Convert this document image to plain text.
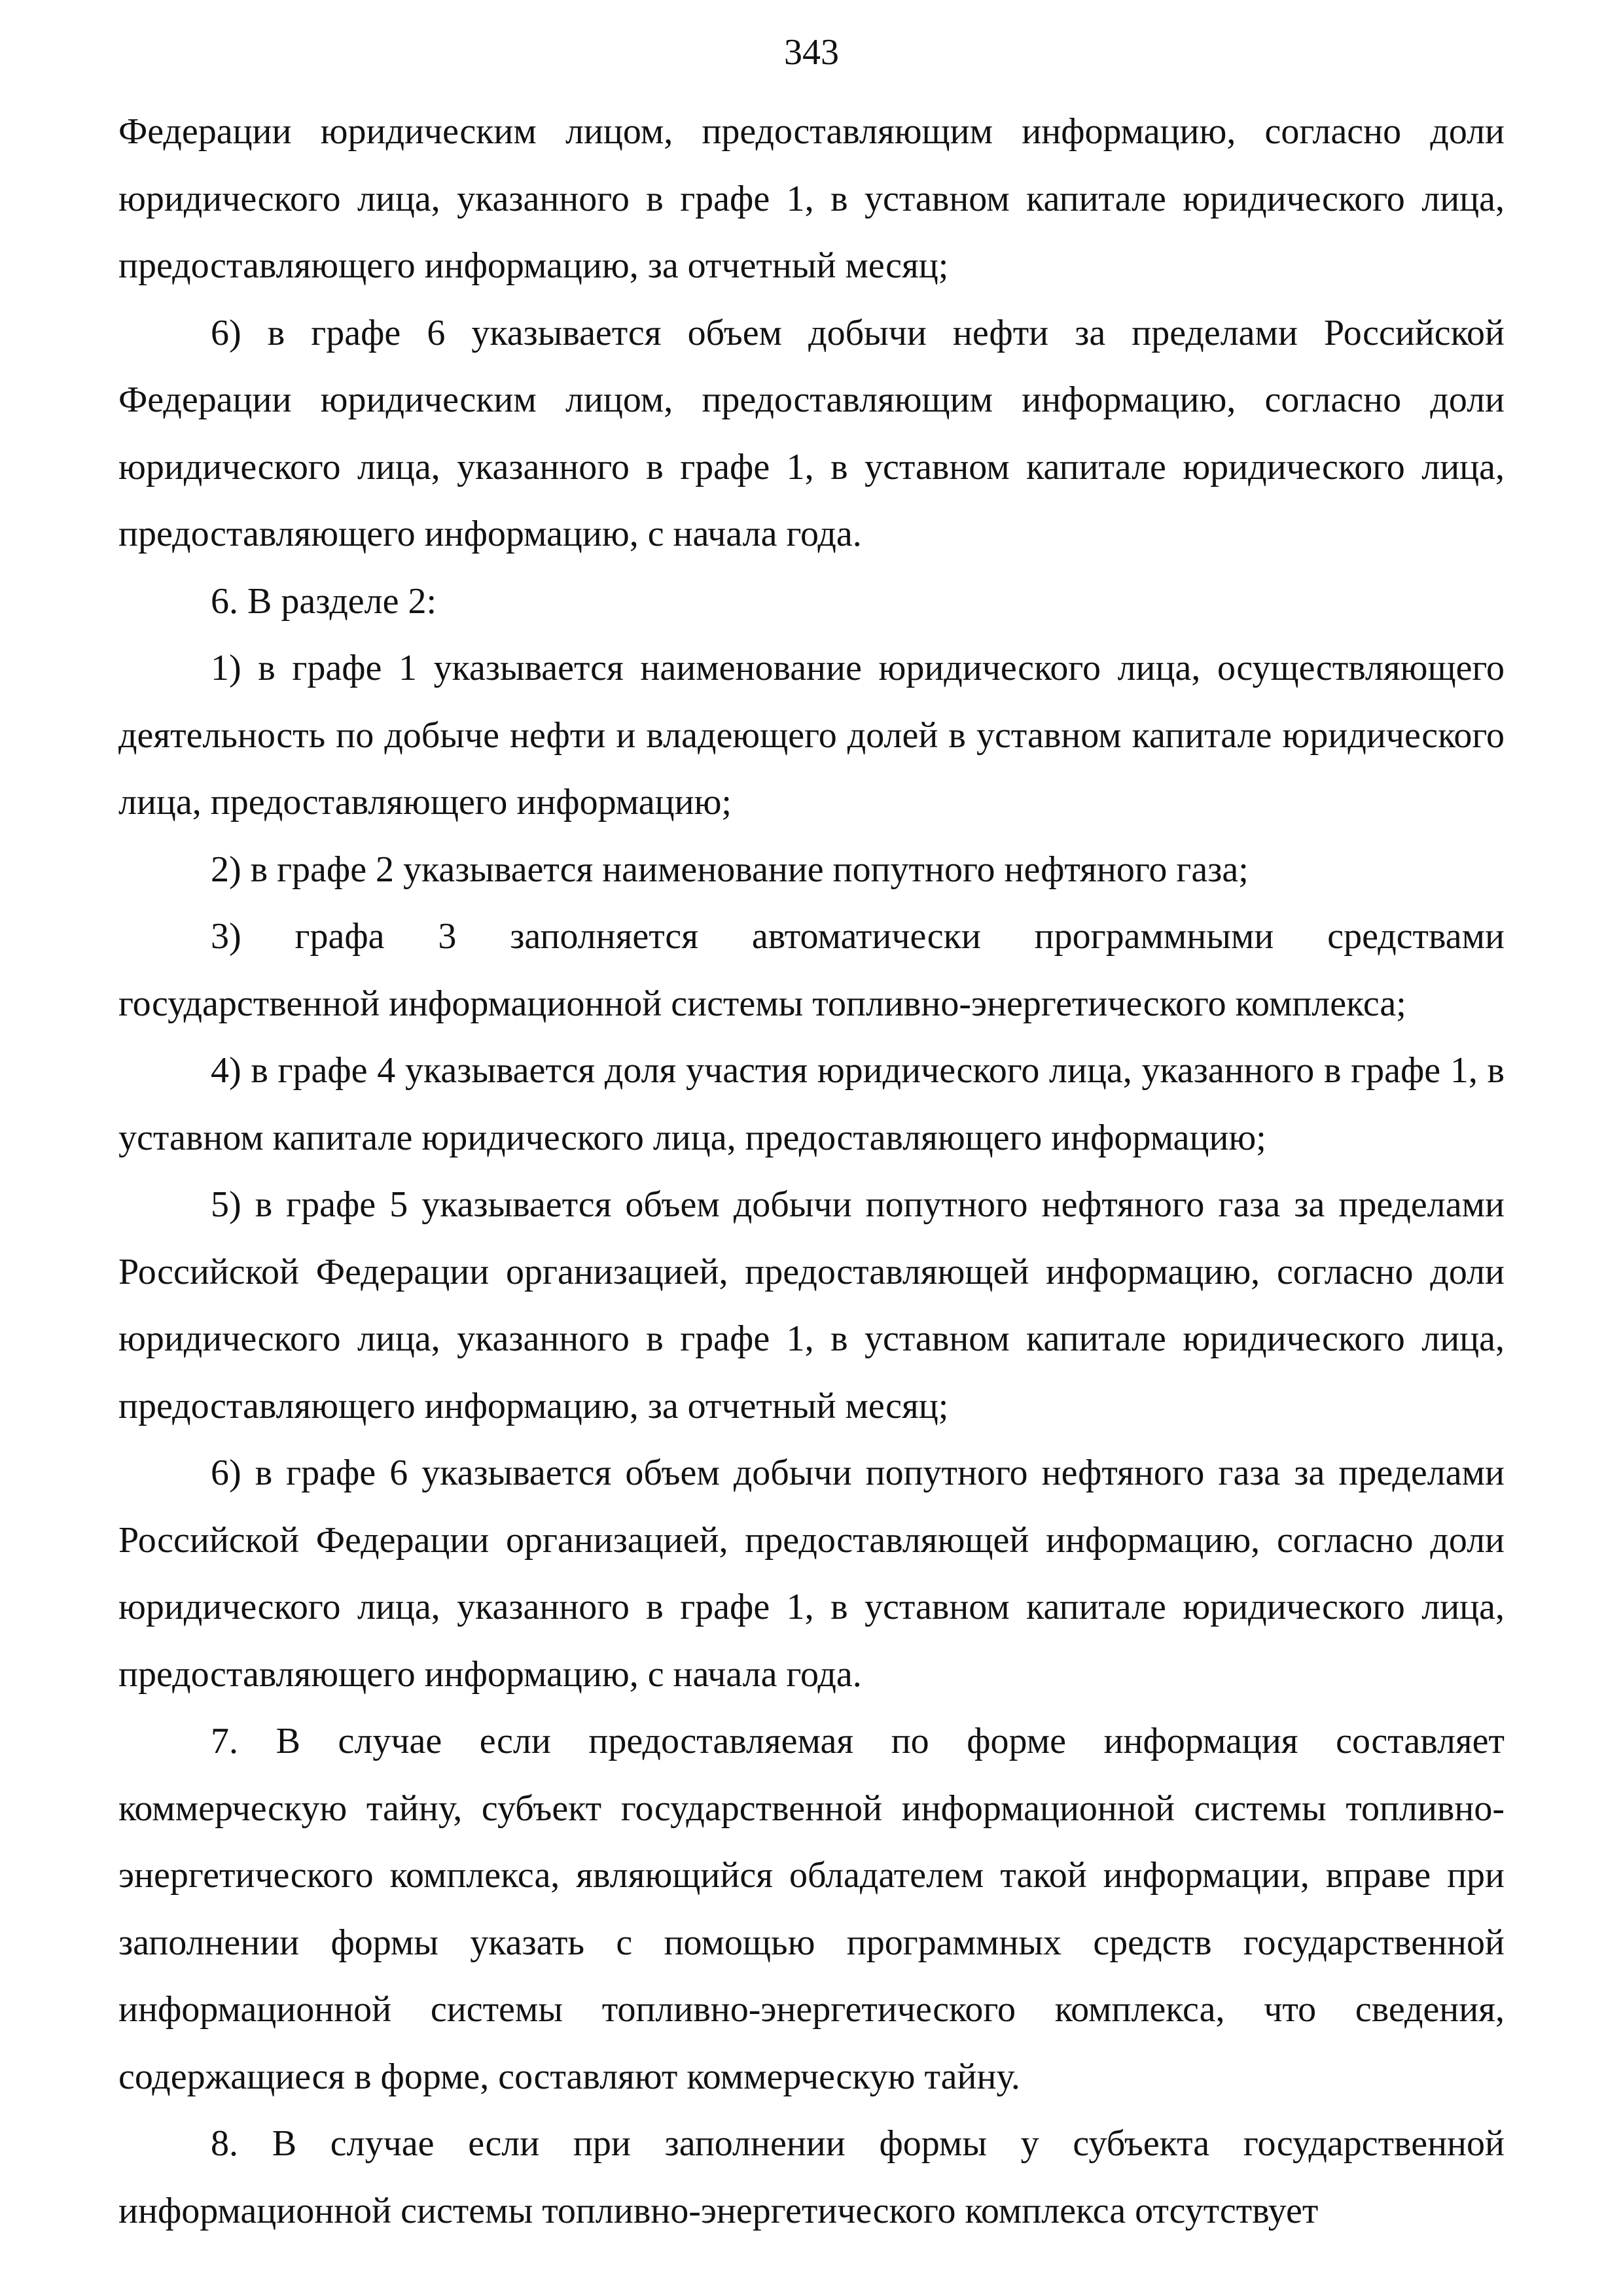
343

Федерации юридическим лицом, предоставляющим информацию, согласно доли юридического лица, указанного в графе 1, в уставном капитале юридического лица, предоставляющего информацию, за отчетный месяц;

6) в графе 6 указывается объем добычи нефти за пределами Российской Федерации юридическим лицом, предоставляющим информацию, согласно доли юридического лица, указанного в графе 1, в уставном капитале юридического лица, предоставляющего информацию, с начала года.

6. В разделе 2:

1) в графе 1 указывается наименование юридического лица, осуществляющего деятельность по добыче нефти и владеющего долей в уставном капитале юридического лица, предоставляющего информацию;

2) в графе 2 указывается наименование попутного нефтяного газа;

3) графа 3 заполняется автоматически программными средствами государственной информационной системы топливно-энергетического комплекса;

4) в графе 4 указывается доля участия юридического лица, указанного в графе 1, в уставном капитале юридического лица, предоставляющего информацию;

5) в графе 5 указывается объем добычи попутного нефтяного газа за пределами Российской Федерации организацией, предоставляющей информацию, согласно доли юридического лица, указанного в графе 1, в уставном капитале юридического лица, предоставляющего информацию, за отчетный месяц;

6) в графе 6 указывается объем добычи попутного нефтяного газа за пределами Российской Федерации организацией, предоставляющей информацию, согласно доли юридического лица, указанного в графе 1, в уставном капитале юридического лица, предоставляющего информацию, с начала года.

7. В случае если предоставляемая по форме информация составляет коммерческую тайну, субъект государственной информационной системы топливно-энергетического комплекса, являющийся обладателем такой информации, вправе при заполнении формы указать с помощью программных средств государственной информационной системы топливно-энергетического комплекса, что сведения, содержащиеся в форме, составляют коммерческую тайну.

8. В случае если при заполнении формы у субъекта государственной информационной системы топливно-энергетического комплекса отсутствует
